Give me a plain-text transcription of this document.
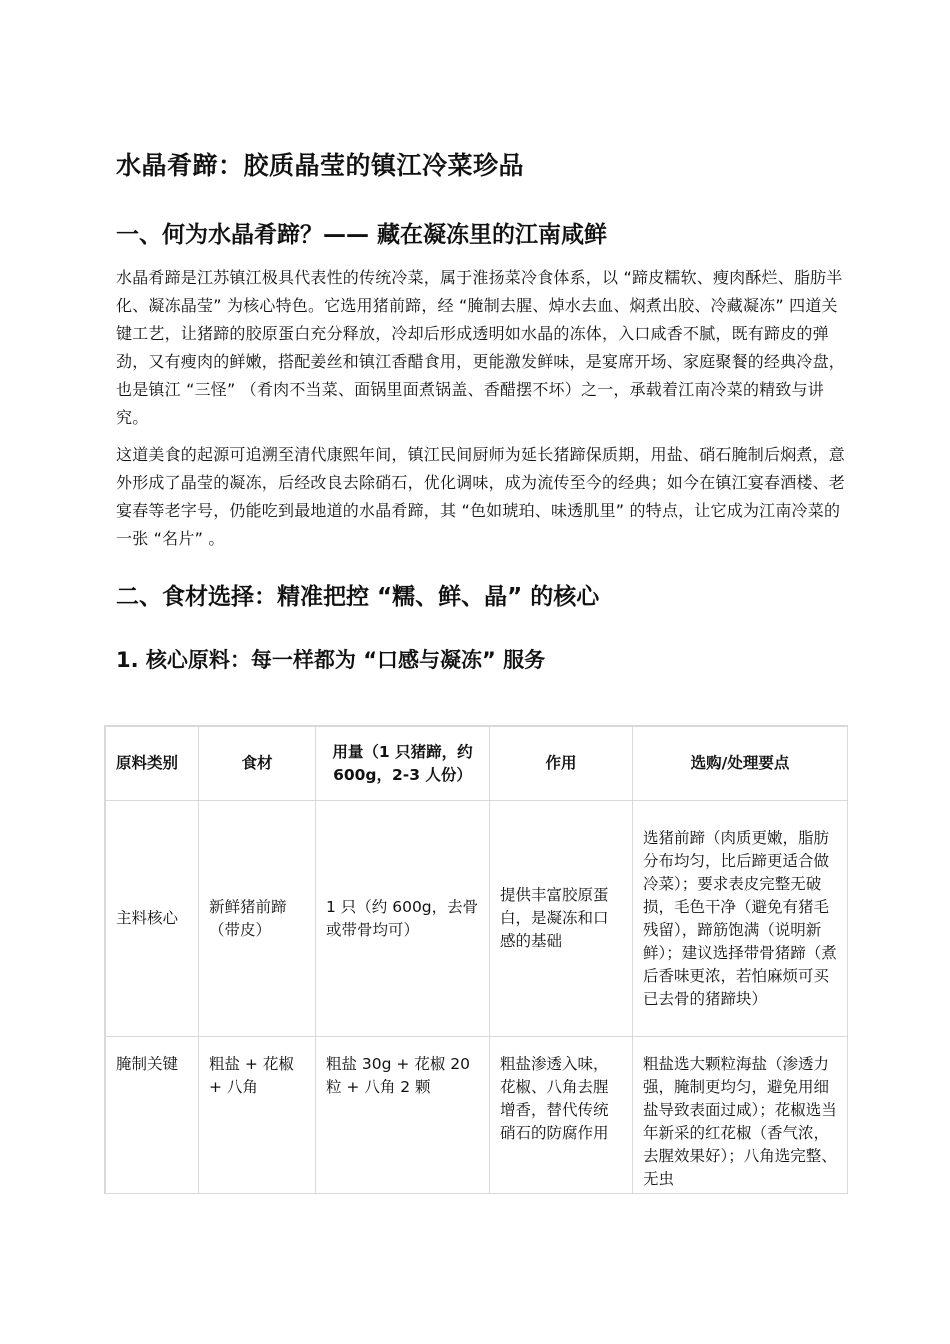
水晶肴蹄：胶质晶莹的镇江冷菜珍品
一、何为水晶肴蹄？—— 藏在凝冻里的江南咸鲜

水晶肴蹄是江苏镇江极具代表性的传统冷菜，属于淮扬菜冷食体系，以 “蹄皮糯软、瘦肉酥烂、脂肪半化、凝冻晶莹” 为核心特色。它选用猪前蹄，经 “腌制去腥、焯水去血、焖煮出胶、冷藏凝冻” 四道关键工艺，让猪蹄的胶原蛋白充分释放，冷却后形成透明如水晶的冻体，入口咸香不腻，既有蹄皮的弹劲，又有瘦肉的鲜嫩，搭配姜丝和镇江香醋食用，更能激发鲜味，是宴席开场、家庭聚餐的经典冷盘，也是镇江 “三怪” （肴肉不当菜、面锅里面煮锅盖、香醋摆不坏）之一，承载着江南冷菜的精致与讲究。

这道美食的起源可追溯至清代康熙年间，镇江民间厨师为延长猪蹄保质期，用盐、硝石腌制后焖煮，意外形成了晶莹的凝冻，后经改良去除硝石，优化调味，成为流传至今的经典；如今在镇江宴春酒楼、老宴春等老字号，仍能吃到最地道的水晶肴蹄，其 “色如琥珀、味透肌里” 的特点，让它成为江南冷菜的一张 “名片” 。

二、食材选择：精准把控 “糯、鲜、晶” 的核心
1. 核心原料：每一样都为 “口感与凝冻” 服务
原料类别	食材	用量（1 只猪蹄，约 600g，2-3 人份）	作用	选购/处理要点
主料核心	新鲜猪前蹄（带皮）	1 只（约 600g，去骨或带骨均可）	提供丰富胶原蛋白，是凝冻和口感的基础	选猪前蹄（肉质更嫩，脂肪分布均匀，比后蹄更适合做冷菜）；要求表皮完整无破损，毛色干净（避免有猪毛残留），蹄筋饱满（说明新鲜）；建议选择带骨猪蹄（煮后香味更浓，若怕麻烦可买已去骨的猪蹄块）
腌制关键	粗盐 + 花椒 + 八角	粗盐 30g + 花椒 20 粒 + 八角 2 颗	粗盐渗透入味，花椒、八角去腥增香，替代传统硝石的防腐作用	粗盐选大颗粒海盐（渗透力强，腌制更均匀，避免用细盐导致表面过咸）；花椒选当年新采的红花椒（香气浓，去腥效果好）；八角选完整、无虫
